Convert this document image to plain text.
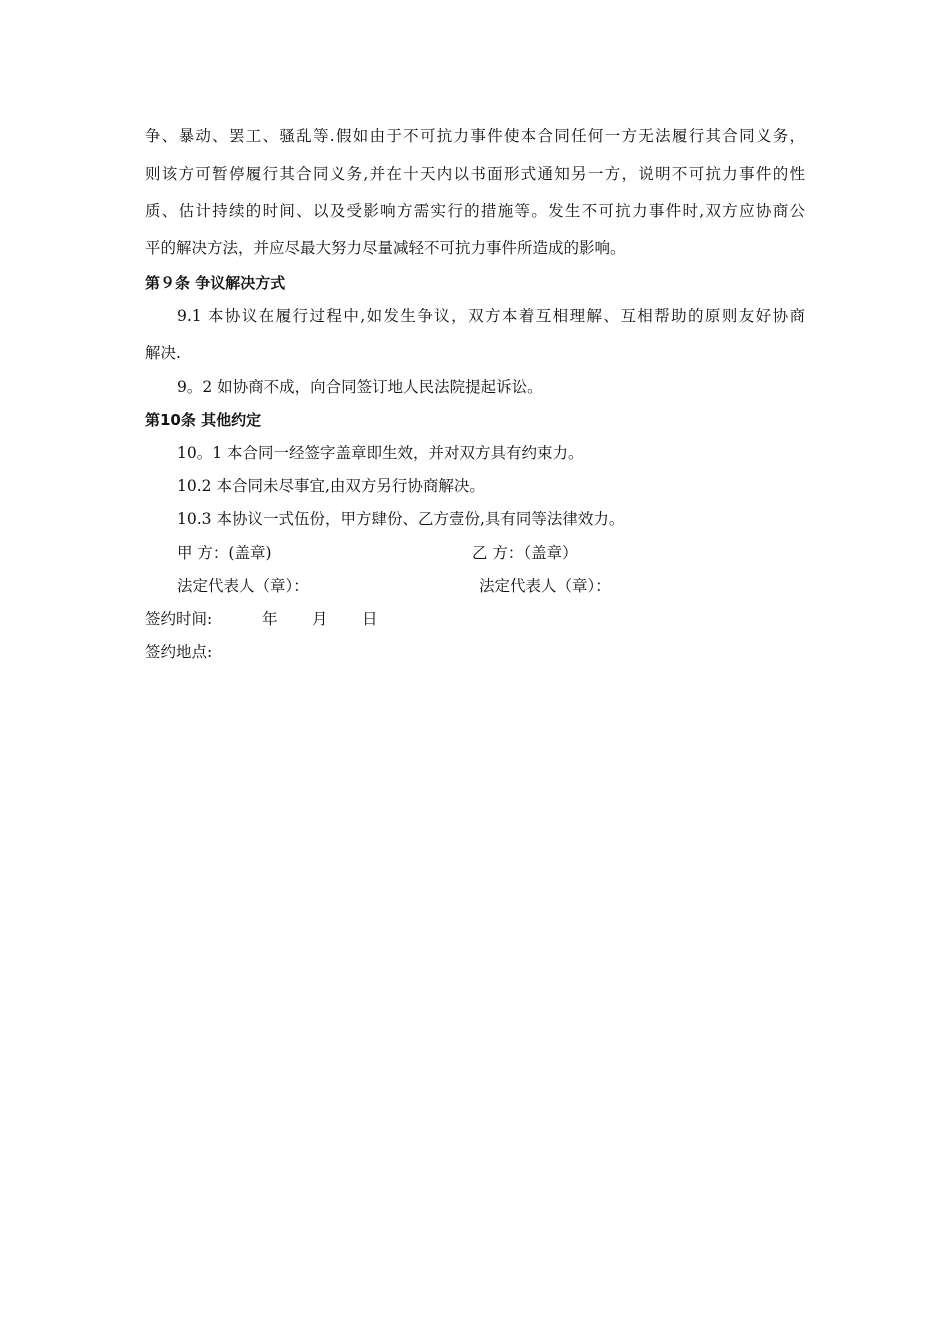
争、暴动、罢工、骚乱等.假如由于不可抗力事件使本合同任何一方无法履行其合同义务，
则该方可暂停履行其合同义务,并在十天内以书面形式通知另一方，说明不可抗力事件的性
质、估计持续的时间、以及受影响方需实行的措施等。发生不可抗力事件时,双方应协商公
平的解决方法，并应尽最大努力尽量减轻不可抗力事件所造成的影响。
第９条 争议解决方式
9.1 本协议在履行过程中,如发生争议，双方本着互相理解、互相帮助的原则友好协商
解决.
9。2 如协商不成，向合同签订地人民法院提起诉讼。
第10条 其他约定
10。1 本合同一经签字盖章即生效，并对双方具有约束力。
10.2 本合同未尽事宜,由双方另行协商解决。
10.3 本协议一式伍份，甲方肆份、乙方壹份,具有同等法律效力。
甲 方：(盖章)	乙 方：（盖章）
法定代表人（章）：	法定代表人（章）：
签约时间:	年 月 日
签约地点:
